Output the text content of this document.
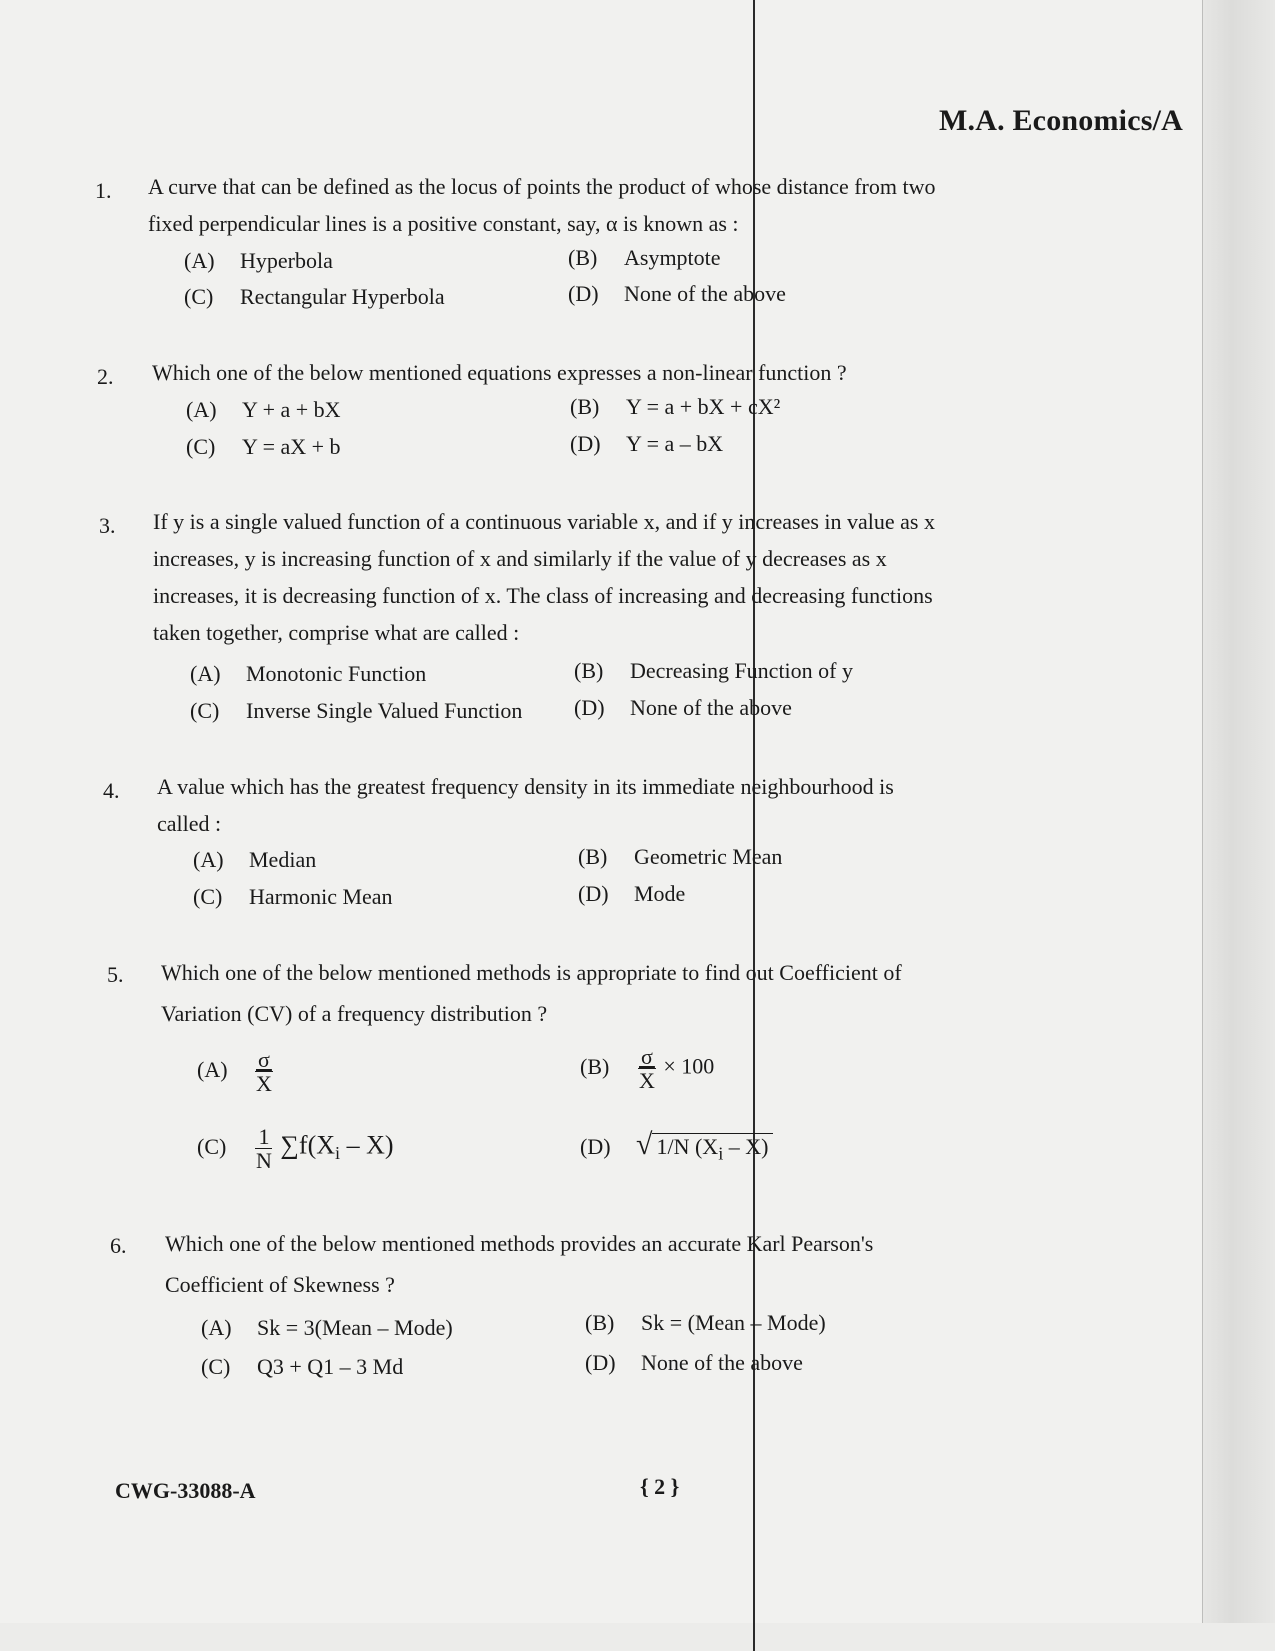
M.A. Economics/A
1. A curve that can be defined as the locus of points the product of whose distance from two fixed perpendicular lines is a positive constant, say, α is known as :
(A) Hyperbola	(B) Asymptote
(C) Rectangular Hyperbola	(D) None of the above
2. Which one of the below mentioned equations expresses a non-linear function ?
(A) Y + a + bX	(B) Y = a + bX + cX²
(C) Y = aX + b	(D) Y = a – bX
3. If y is a single valued function of a continuous variable x, and if y increases in value as x increases, y is increasing function of x and similarly if the value of y decreases as x increases, it is decreasing function of x. The class of increasing and decreasing functions taken together, comprise what are called :
(A) Monotonic Function	(B) Decreasing Function of y
(C) Inverse Single Valued Function (D) None of the above
4. A value which has the greatest frequency density in its immediate neighbourhood is called :
(A) Median	(B) Geometric Mean
(C) Harmonic Mean	(D) Mode
5. Which one of the below mentioned methods is appropriate to find out Coefficient of Variation (CV) of a frequency distribution ?
$(A) \frac{\sigma}{X}$	$(B) \frac{\sigma}{X} \times 100$
$(C) \frac{1}{N} \sum f(X_i - X)$	(D) √ 1/N $(X_i - X)$
6. Which one of the below mentioned methods provides an accurate Karl Pearson's Coefficient of Skewness ?
(A) Sk = 3(Mean – Mode)	(B) Sk = (Mean – Mode)
(C) Q3 + Q1 – 3 Md	(D) None of the above
CWG-33088-A	{ 2 }
